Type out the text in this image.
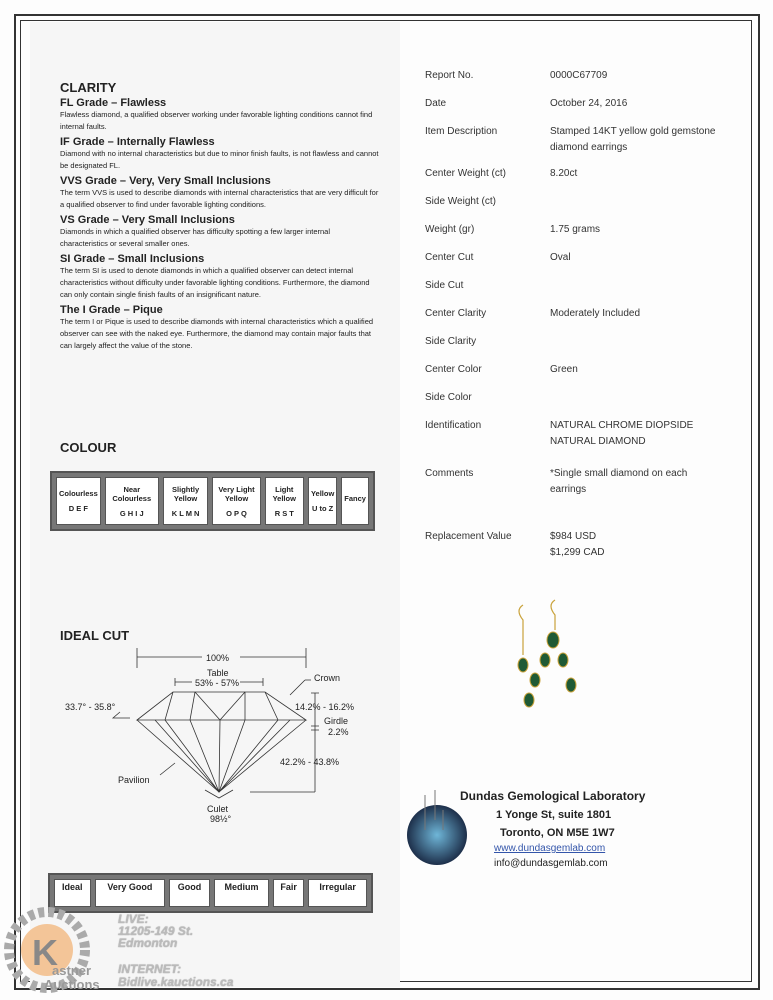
CLARITY
FL Grade – Flawless
Flawless diamond, a qualified observer working under favorable lighting conditions cannot find internal faults.
IF Grade – Internally Flawless
Diamond with no internal characteristics but due to minor finish faults, is not flawless and cannot be designated FL.
VVS Grade – Very, Very Small Inclusions
The term VVS is used to describe diamonds with internal characteristics that are very difficult for a qualified observer to find under favorable lighting conditions.
VS Grade – Very Small Inclusions
Diamonds in which a qualified observer has difficulty spotting a few larger internal characteristics or several smaller ones.
SI Grade – Small Inclusions
The term SI is used to denote diamonds in which a qualified observer can detect internal characteristics without difficulty under favorable lighting conditions. Furthermore, the diamond can only contain single finish faults of an insignificant nature.
The I Grade – Pique
The term I or Pique is used to describe diamonds with internal characteristics which a qualified observer can see with the naked eye. Furthermore, the diamond may contain major faults that can largely affect the value of the stone.
COLOUR
Colourless
D E F

Near Colourless
G H I J

Slightly Yellow
K L M N

Very Light Yellow
O P Q

Light Yellow
R S T

Yellow
U to Z

Fancy
IDEAL CUT
100%
Table
53% - 57%	Crown
33.7° - 35.8°	14.2% - 16.2%
Girdle
2.2%
42.2% - 43.8%
Pavilion
Culet
98½°
Ideal	Very Good	Good	Medium	Fair	Irregular
Report No.	0000C67709
Date	October 24, 2016
Item Description	Stamped 14KT yellow gold gemstone
diamond earrings
Center Weight (ct)	8.20ct
Side Weight (ct)
Weight (gr)	1.75 grams
Center Cut	Oval
Side Cut
Center Clarity	Moderately Included
Side Clarity
Center Color	Green
Side Color
Identification	NATURAL CHROME DIOPSIDE
NATURAL DIAMOND
Comments	*Single small diamond on each
earrings
Replacement Value	$984 USD
$1,299 CAD
Dundas Gemological Laboratory
1 Yonge St, suite 1801
Toronto, ON M5E 1W7
www.dundasgemlab.com
info@dundasgemlab.com
K
astner
Auctions
LIVE:
11205-149 St.
Edmonton
INTERNET:
Bidlive.kauctions.ca
